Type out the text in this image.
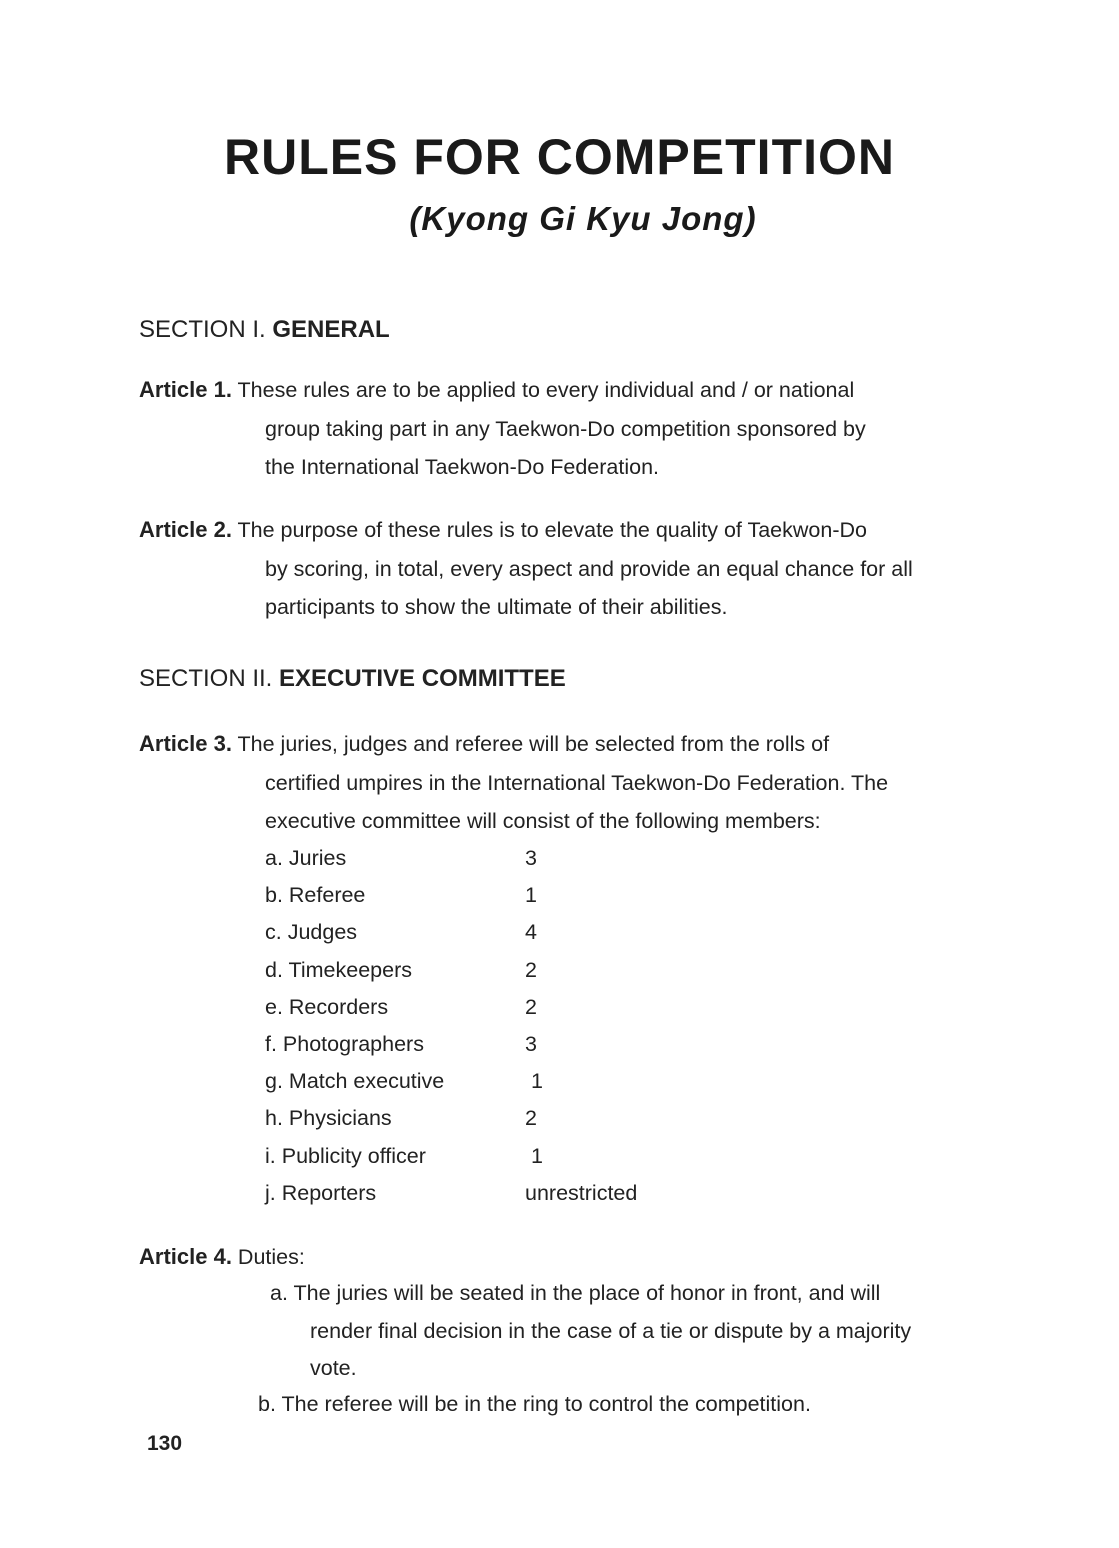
RULES FOR COMPETITION
(Kyong Gi Kyu Jong)
SECTION I. GENERAL
Article 1. These rules are to be applied to every individual and / or national
group taking part in any Taekwon-Do competition sponsored by
the International Taekwon-Do Federation.
Article 2. The purpose of these rules is to elevate the quality of Taekwon-Do
by scoring, in total, every aspect and provide an equal chance for all
participants to show the ultimate of their abilities.
SECTION II. EXECUTIVE COMMITTEE
Article 3. The juries, judges and referee will be selected from the rolls of
certified umpires in the International Taekwon-Do Federation. The
executive committee will consist of the following members:
a. Juries	3
b. Referee	1
c. Judges	4
d. Timekeepers	2
e. Recorders	2
f. Photographers	3
g. Match executive	1
h. Physicians	2
i. Publicity officer	1
j. Reporters	unrestricted
Article 4. Duties:
a. The juries will be seated in the place of honor in front, and will
render final decision in the case of a tie or dispute by a majority
vote.
b. The referee will be in the ring to control the competition.
130
